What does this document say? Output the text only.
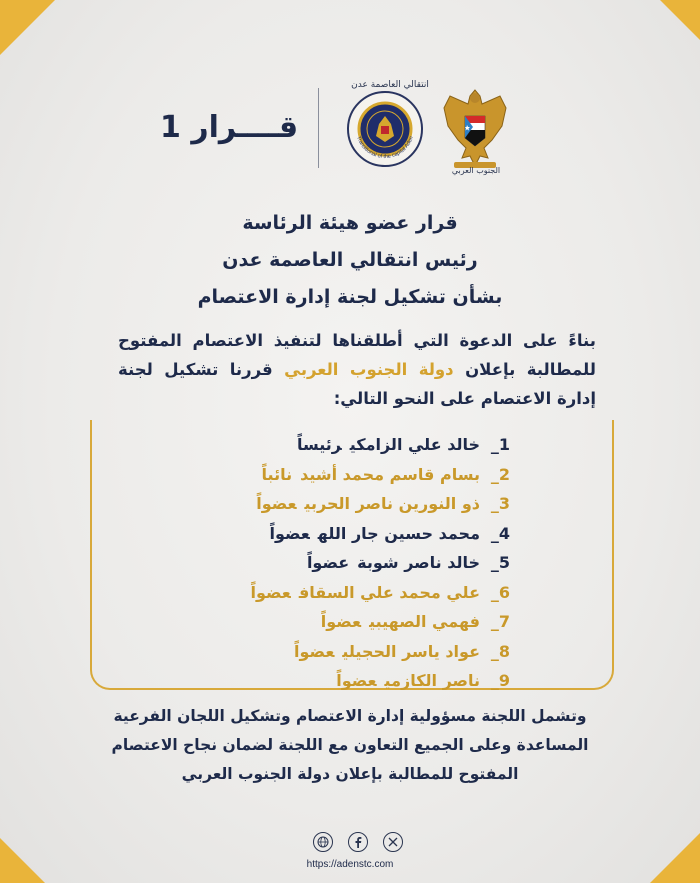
قــــرار 1
انتقالي العاصمة عدن
Transitional of the capital Aden
الجنوب العربي
قرار عضو هيئة الرئاسة
رئيس انتقالي العاصمة عدن
بشأن تشكيل لجنة إدارة الاعتصام
بناءً على الدعوة التي أطلقناها لتنفيذ الاعتصام المفتوح للمطالبة بإعلان دولة الجنوب العربي قررنا تشكيل لجنة إدارة الاعتصام على النحو التالي:
1_خالد علي الزامكيرئيساً
2_بسام قاسم محمد أشيدنائباً
3_ذو النورين ناصر الحربيعضواً
4_محمد حسين جار اللهعضواً
5_خالد ناصر شوبةعضواً
6_علي محمد علي السقافعضواً
7_فهمي الصهيبيعضواً
8_عواد ياسر الحجيليعضواً
9_ناصر الكازميعضواً
وتشمل اللجنة مسؤولية إدارة الاعتصام وتشكيل اللجان الفرعية المساعدة وعلى الجميع التعاون مع اللجنة لضمان نجاح الاعتصام المفتوح للمطالبة بإعلان دولة الجنوب العربي
https://adenstc.com
